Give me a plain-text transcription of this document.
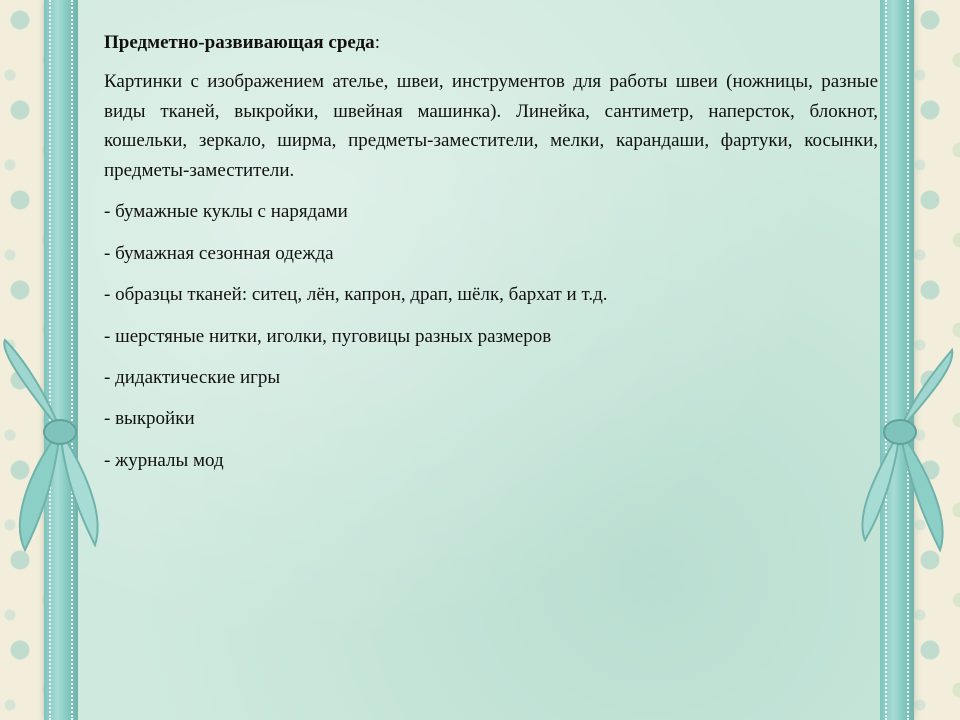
Предметно-развивающая среда:

Картинки с изображением ателье, швеи, инструментов для работы швеи (ножницы, разные виды тканей, выкройки, швейная машинка). Линейка, сантиметр, наперсток, блокнот, кошельки, зеркало, ширма, предметы-заместители, мелки, карандаши, фартуки, косынки, предметы-заместители.

- бумажные куклы с нарядами

- бумажная сезонная одежда

- образцы тканей: ситец, лён, капрон, драп, шёлк, бархат и т.д.

- шерстяные нитки, иголки, пуговицы разных размеров

- дидактические игры

- выкройки

- журналы мод
